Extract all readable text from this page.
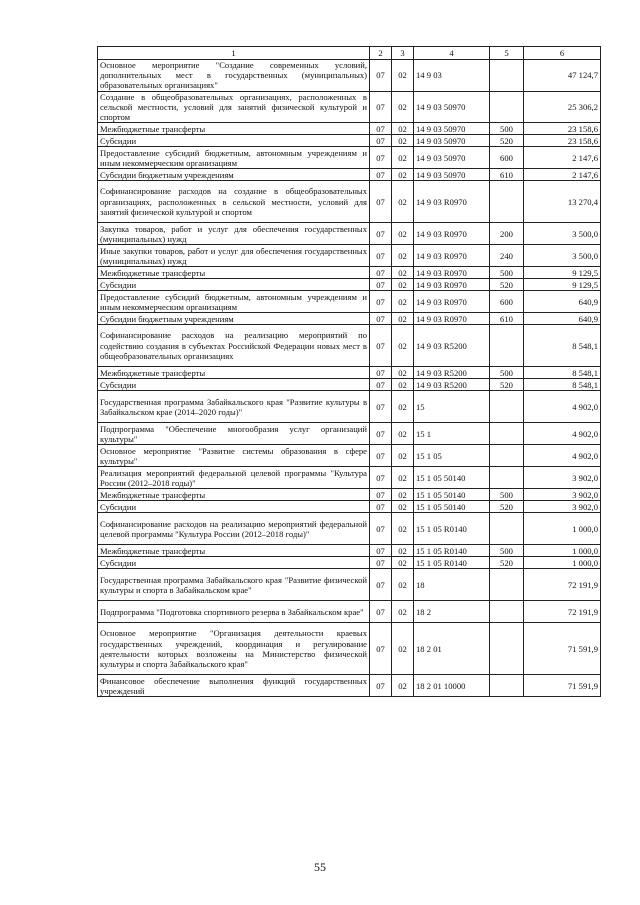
1	2	3	4	5	6
Основное мероприятие "Создание современных условий, дополнительных мест в государственных (муниципальных) образовательных организациях"	07	02	14 9 03		47 124,7
Создание в общеобразовательных организациях, расположенных в сельской местности, условий для занятий физической культурой и спортом	07	02	14 9 03 50970		25 306,2
Межбюджетные трансферты	07	02	14 9 03 50970	500	23 158,6
Субсидии	07	02	14 9 03 50970	520	23 158,6
Предоставление субсидий бюджетным, автономным учреждениям и иным некоммерческим организациям	07	02	14 9 03 50970	600	2 147,6
Субсидии бюджетным учреждениям	07	02	14 9 03 50970	610	2 147,6
Софинансирование расходов на создание в общеобразовательных организациях, расположенных в сельской местности, условий для занятий физической культурой и спортом	07	02	14 9 03 R0970		13 270,4
Закупка товаров, работ и услуг для обеспечения государственных (муниципальных) нужд	07	02	14 9 03 R0970	200	3 500,0
Иные закупки товаров, работ и услуг для обеспечения государственных (муниципальных) нужд	07	02	14 9 03 R0970	240	3 500,0
Межбюджетные трансферты	07	02	14 9 03 R0970	500	9 129,5
Субсидии	07	02	14 9 03 R0970	520	9 129,5
Предоставление субсидий бюджетным, автономным учреждениям и иным некоммерческим организациям	07	02	14 9 03 R0970	600	640,9
Субсидии бюджетным учреждениям	07	02	14 9 03 R0970	610	640,9
Софинансирование расходов на реализацию мероприятий по содействию создания в субъектах Российской Федерации новых мест в общеобразовательных организациях	07	02	14 9 03 R5200		8 548,1
Межбюджетные трансферты	07	02	14 9 03 R5200	500	8 548,1
Субсидии	07	02	14 9 03 R5200	520	8 548,1
Государственная программа Забайкальского края "Развитие культуры в Забайкальском крае (2014–2020 годы)"	07	02	15		4 902,0
Подпрограмма "Обеспечение многообразия услуг организаций культуры"	07	02	15 1		4 902,0
Основное мероприятие "Развитие системы образования в сфере культуры"	07	02	15 1 05		4 902,0
Реализация мероприятий федеральной целевой программы "Культура России (2012–2018 годы)"	07	02	15 1 05 50140		3 902,0
Межбюджетные трансферты	07	02	15 1 05 50140	500	3 902,0
Субсидии	07	02	15 1 05 50140	520	3 902,0
Софинансирование расходов на реализацию мероприятий федеральной целевой программы "Культура России (2012–2018 годы)"	07	02	15 1 05 R0140		1 000,0
Межбюджетные трансферты	07	02	15 1 05 R0140	500	1 000,0
Субсидии	07	02	15 1 05 R0140	520	1 000,0
Государственная программа Забайкальского края "Развитие физической культуры и спорта в Забайкальском крае"	07	02	18		72 191,9
Подпрограмма "Подготовка спортивного резерва в Забайкальском крае"	07	02	18 2		72 191,9
Основное мероприятие "Организация деятельности краевых государственных учреждений, координация и регулирование деятельности которых возложены на Министерство физической культуры и спорта Забайкальского края"	07	02	18 2 01		71 591,9
Финансовое обеспечение выполнения функций государственных учреждений	07	02	18 2 01 10000		71 591,9
55
